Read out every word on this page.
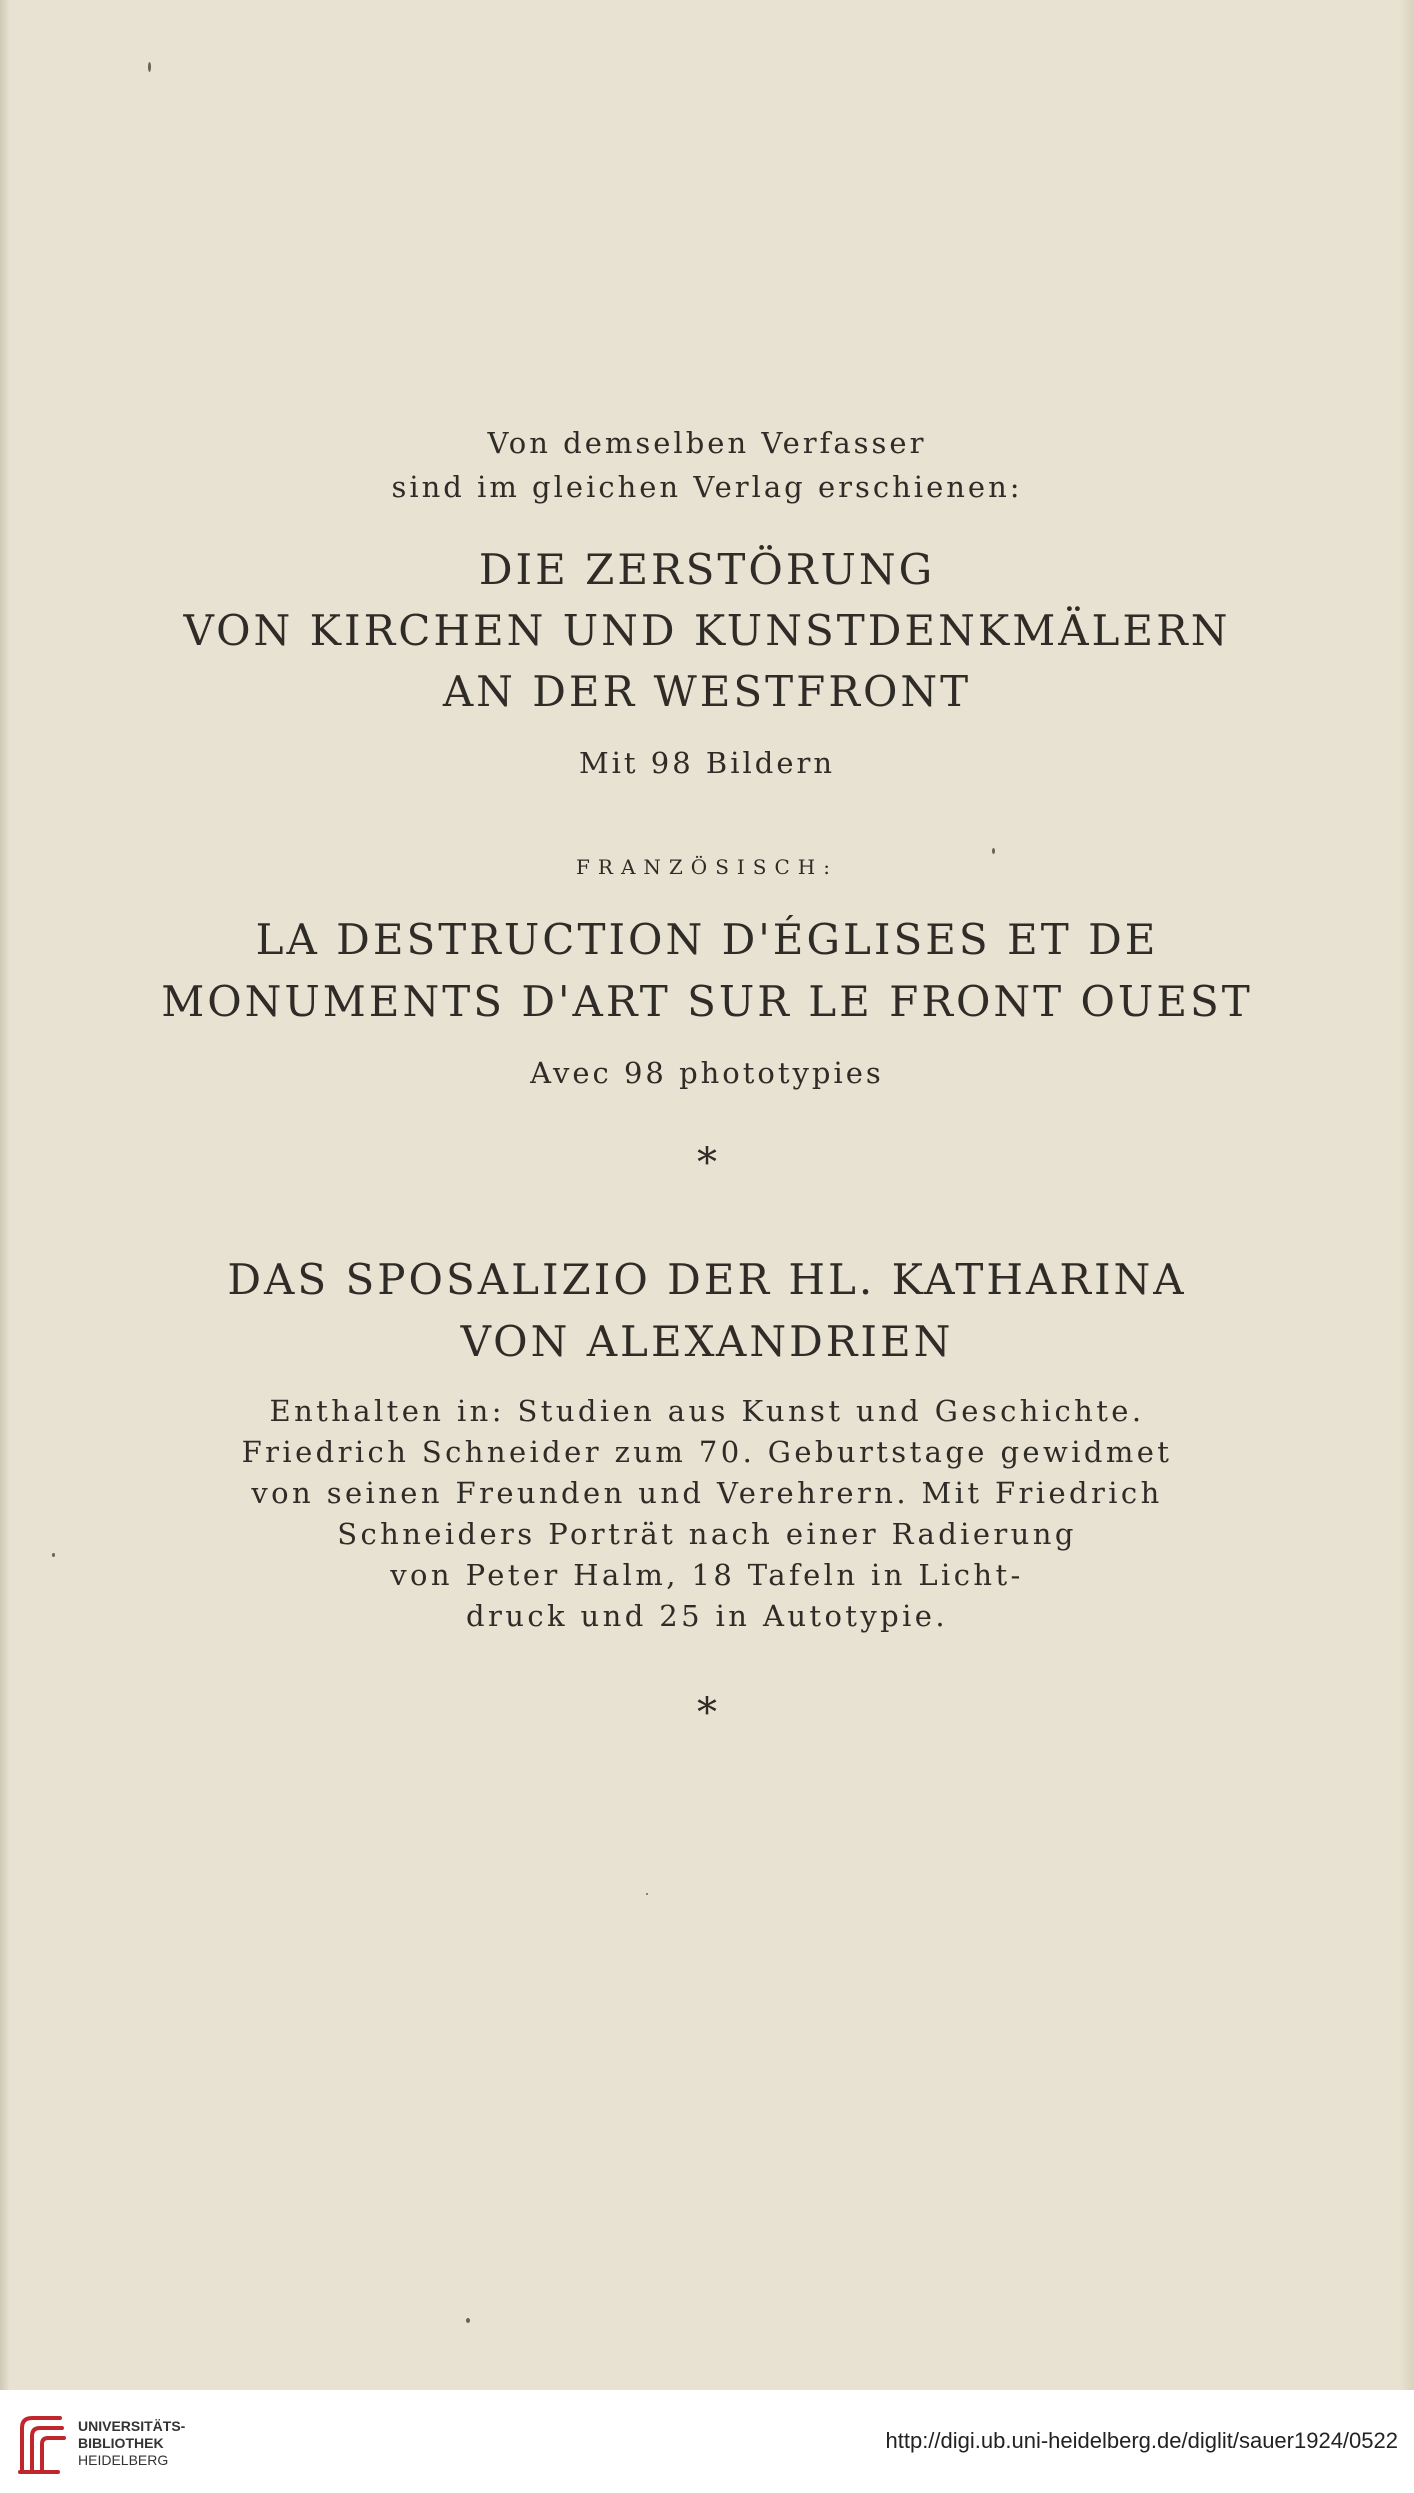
Von demselben Verfasser
sind im gleichen Verlag erschienen:
DIE ZERSTÖRUNG
VON KIRCHEN UND KUNSTDENKMÄLERN
AN DER WESTFRONT
Mit 98 Bildern
FRANZÖSISCH:
LA DESTRUCTION D'ÉGLISES ET DE
MONUMENTS D'ART SUR LE FRONT OUEST
Avec 98 phototypies
*
DAS SPOSALIZIO DER HL. KATHARINA
VON ALEXANDRIEN
Enthalten in: Studien aus Kunst und Geschichte.
Friedrich Schneider zum 70. Geburtstage gewidmet
von seinen Freunden und Verehrern. Mit Friedrich
Schneiders Porträt nach einer Radierung
von Peter Halm, 18 Tafeln in Licht-
druck und 25 in Autotypie.
*
UNIVERSITÄTS-
BIBLIOTHEK
HEIDELBERG
http://digi.ub.uni-heidelberg.de/diglit/sauer1924/0522
